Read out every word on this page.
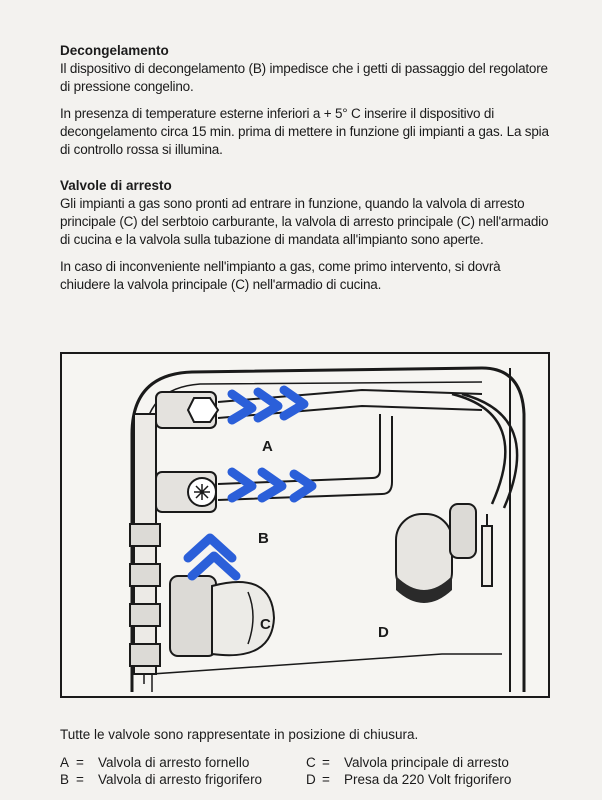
Decongelamento

Il dispositivo di decongelamento (B) impedisce che i getti di passaggio del regolatore di pressione congelino.

In presenza di temperature esterne inferiori a + 5° C inserire il dispositivo di decongelamento circa 15 min. prima di mettere in funzione gli impianti a gas. La spia di controllo rossa si illumina.

Valvole di arresto

Gli impianti a gas sono pronti ad entrare in funzione, quando la valvola di arresto principale (C) del serbtoio carburante, la valvola di arresto principale (C) nell'armadio di cucina e la valvola sulla tubazione di mandata all'impianto sono aperte.

In caso di inconveniente nell'impianto a gas, come primo intervento, si dovrà chiudere la valvola principale (C) nell'armadio di cucina.

A
B
C	D
Tutte le valvole sono rappresentate in posizione di chiusura.
A = Valvola di arresto fornello
B = Valvola di arresto frigorifero
C = Valvola principale di arresto
D = Presa da 220 Volt frigorifero
